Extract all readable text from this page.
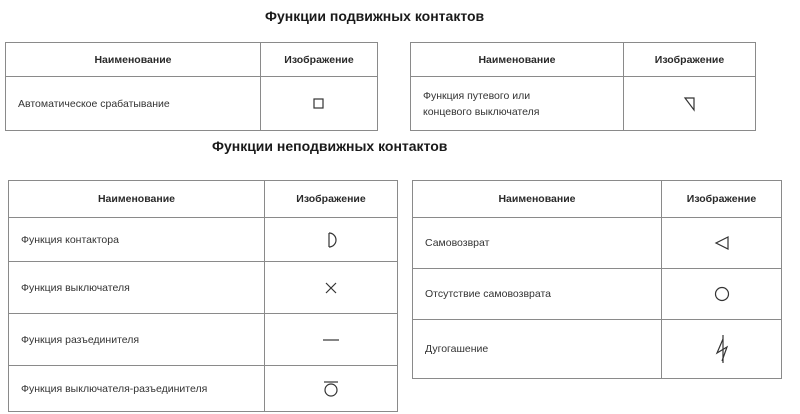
Функции подвижных контактов
Наименование	Изображение
Автоматическое срабатывание	
Наименование	Изображение
Функция путевого или
концевого выключателя	
Функции неподвижных контактов
Наименование	Изображение
Функция контактора	

Функция выключателя	

Функция разъединителя	

Функция выключателя-разъединителя	
Наименование	Изображение
Самовозврат	

Отсутствие самовозврата	

Дугогашение	
